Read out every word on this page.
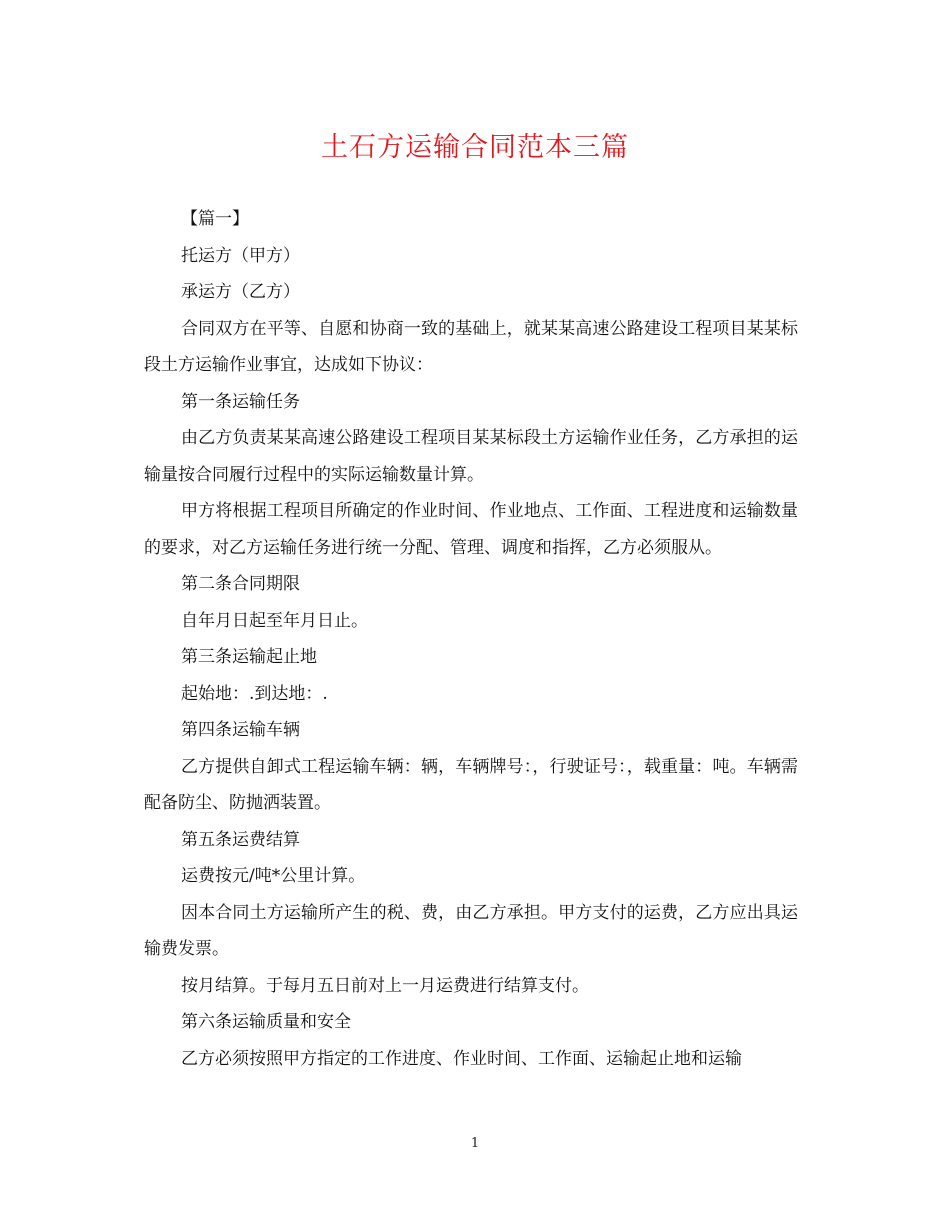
土石方运输合同范本三篇

【篇一】

托运方（甲方）

承运方（乙方）

合同双方在平等、自愿和协商一致的基础上，就某某高速公路建设工程项目某某标段土方运输作业事宜，达成如下协议：

第一条运输任务

由乙方负责某某高速公路建设工程项目某某标段土方运输作业任务，乙方承担的运输量按合同履行过程中的实际运输数量计算。

甲方将根据工程项目所确定的作业时间、作业地点、工作面、工程进度和运输数量的要求，对乙方运输任务进行统一分配、管理、调度和指挥，乙方必须服从。

第二条合同期限

自年月日起至年月日止。

第三条运输起止地

起始地：.到达地：.

第四条运输车辆

乙方提供自卸式工程运输车辆：辆，车辆牌号：，行驶证号：，载重量：吨。车辆需配备防尘、防抛洒装置。

第五条运费结算

运费按元/吨*公里计算。

因本合同土方运输所产生的税、费，由乙方承担。甲方支付的运费，乙方应出具运输费发票。

按月结算。于每月五日前对上一月运费进行结算支付。

第六条运输质量和安全

乙方必须按照甲方指定的工作进度、作业时间、工作面、运输起止地和运输

1
